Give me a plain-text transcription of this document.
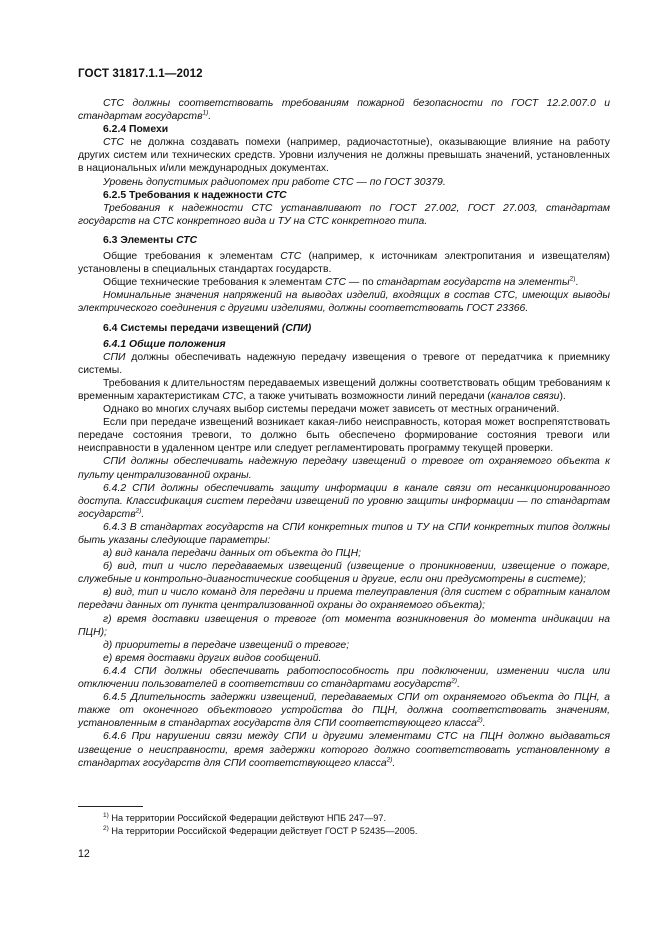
ГОСТ 31817.1.1—2012

СТС должны соответствовать требованиям пожарной безопасности по ГОСТ 12.2.007.0 и стандартам государств$^{1)}$.

6.2.4 Помехи

СТС не должна создавать помехи (например, радиочастотные), оказывающие влияние на работу других систем или технических средств. Уровни излучения не должны превышать значений, установленных в национальных и/или международных документах.

Уровень допустимых радиопомех при работе СТС — по ГОСТ 30379.

6.2.5 Требования к надежности СТС

Требования к надежности СТС устанавливают по ГОСТ 27.002, ГОСТ 27.003, стандартам государств на СТС конкретного вида и ТУ на СТС конкретного типа.

6.3 Элементы СТС

Общие требования к элементам СТС (например, к источникам электропитания и извещателям) установлены в специальных стандартах государств.

Общие технические требования к элементам СТС — по стандартам государств на элементы$^{2)}$.

Номинальные значения напряжений на выводах изделий, входящих в состав СТС, имеющих выводы электрического соединения с другими изделиями, должны соответствовать ГОСТ 23366.

6.4 Системы передачи извещений (СПИ)

6.4.1 Общие положения

СПИ должны обеспечивать надежную передачу извещения о тревоге от передатчика к приемнику системы.

Требования к длительностям передаваемых извещений должны соответствовать общим требованиям к временным характеристикам СТС, а также учитывать возможности линий передачи (каналов связи).

Однако во многих случаях выбор системы передачи может зависеть от местных ограничений.

Если при передаче извещений возникает какая-либо неисправность, которая может воспрепятствовать передаче состояния тревоги, то должно быть обеспечено формирование состояния тревоги или неисправности в удаленном центре или следует регламентировать программу текущей проверки.

СПИ должны обеспечивать надежную передачу извещений о тревоге от охраняемого объекта к пульту централизованной охраны.

6.4.2 СПИ должны обеспечивать защиту информации в канале связи от несанкционированного доступа. Классификация систем передачи извещений по уровню защиты информации — по стандартам государств$^{2)}$.

6.4.3 В стандартах государств на СПИ конкретных типов и ТУ на СПИ конкретных типов должны быть указаны следующие параметры:

а) вид канала передачи данных от объекта до ПЦН;

б) вид, тип и число передаваемых извещений (извещение о проникновении, извещение о пожаре, служебные и контрольно-диагностические сообщения и другие, если они предусмотрены в системе);

в) вид, тип и число команд для передачи и приема телеуправления (для систем с обратным каналом передачи данных от пункта централизованной охраны до охраняемого объекта);

г) время доставки извещения о тревоге (от момента возникновения до момента индикации на ПЦН);

д) приоритеты в передаче извещений о тревоге;

е) время доставки других видов сообщений.

6.4.4 СПИ должны обеспечивать работоспособность при подключении, изменении числа или отключении пользователей в соответствии со стандартами государств$^{2)}$.

6.4.5 Длительность задержки извещений, передаваемых СПИ от охраняемого объекта до ПЦН, а также от оконечного объектового устройства до ПЦН, должна соответствовать значениям, установленным в стандартах государств для СПИ соответствующего класса$^{2)}$.

6.4.6 При нарушении связи между СПИ и другими элементами СТС на ПЦН должно выдаваться извещение о неисправности, время задержки которого должно соответствовать установленному в стандартах государств для СПИ соответствующего класса$^{2)}$.

$^{1)}$ На территории Российской Федерации действуют НПБ 247—97.
$^{2)}$ На территории Российской Федерации действует ГОСТ Р 52435—2005.
12
